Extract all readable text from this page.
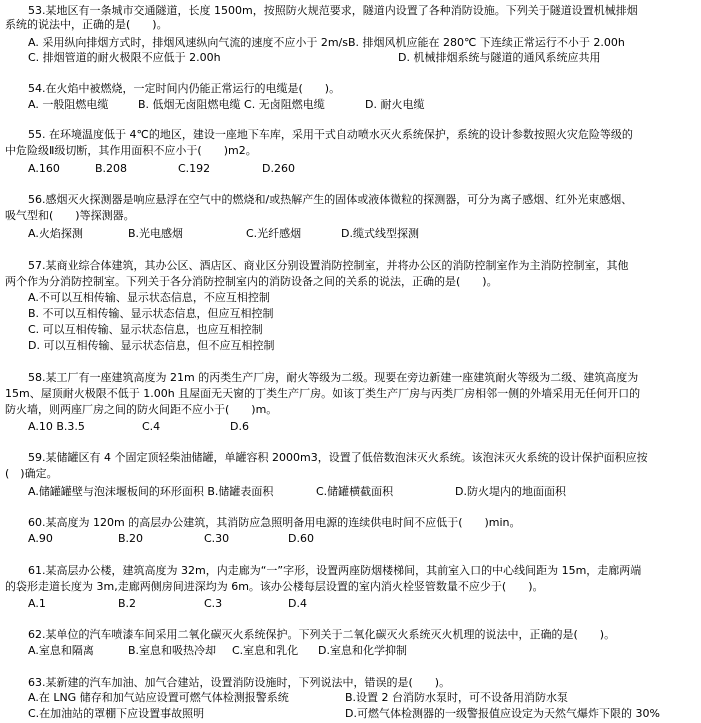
53.某地区有一条城市交通隧道，长度 1500m，按照防火规范要求，隧道内设置了各种消防设施。下列关于隧道设置机械排烟
系统的说法中，正确的是(　　)。
A. 采用纵向排烟方式时，排烟风速纵向气流的速度不应小于 2m/sB. 排烟风机应能在 280℃ 下连续正常运行不小于 2.00h
C. 排烟管道的耐火极限不应低于 2.00h	D. 机械排烟系统与隧道的通风系统应共用
54.在火焰中被燃烧，一定时间内仍能正常运行的电缆是(　　)。
A. 一般阻燃电缆	B. 低烟无卤阻燃电缆 C. 无卤阻燃电缆	D. 耐火电缆
55. 在环境温度低于 4℃的地区，建设一座地下车库，采用干式自动喷水灭火系统保护，系统的设计参数按照火灾危险等级的
中危险级Ⅱ级切断，其作用面积不应小于(　　)m2。
A.160	B.208	C.192	D.260
56.感烟灭火探测器是响应悬浮在空气中的燃烧和/或热解产生的固体或液体微粒的探测器，可分为离子感烟、红外光束感烟、
吸气型和(　　)等探测器。
A.火焰探测	B.光电感烟	C.光纤感烟	D.缆式线型探测
57.某商业综合体建筑，其办公区、酒店区、商业区分别设置消防控制室，并将办公区的消防控制室作为主消防控制室，其他
两个作为分消防控制室。下列关于各分消防控制室内的消防设备之间的关系的说法，正确的是(　　)。
A.不可以互相传输、显示状态信息，不应互相控制
B. 不可以互相传输、显示状态信息，但应互相控制
C. 可以互相传输、显示状态信息，也应互相控制
D. 可以互相传输、显示状态信息，但不应互相控制
58.某工厂有一座建筑高度为 21m 的丙类生产厂房，耐火等级为二级。现要在旁边新建一座建筑耐火等级为二级、建筑高度为
15m、屋顶耐火极限不低于 1.00h 且屋面无天窗的丁类生产厂房。如该丁类生产厂房与丙类厂房相邻一侧的外墙采用无任何开口的
防火墙，则两座厂房之间的防火间距不应小于(　　)m。
A.10 B.3.5	C.4	D.6
59.某储罐区有 4 个固定顶轻柴油储罐，单罐容积 2000m3，设置了低倍数泡沫灭火系统。该泡沫灭火系统的设计保护面积应按
(　)确定。
A.储罐罐壁与泡沫堰板间的环形面积 B.储罐表面积	C.储罐横截面积	D.防火堤内的地面面积
60.某高度为 120m 的高层办公建筑，其消防应急照明备用电源的连续供电时间不应低于(　　)min。
A.90	B.20	C.30	D.60
61.某高层办公楼，建筑高度为 32m，内走廊为“一”字形，设置两座防烟楼梯间，其前室入口的中心线间距为 15m，走廊两端
的袋形走道长度为 3m,走廊两侧房间进深均为 6m。该办公楼每层设置的室内消火栓竖管数量不应少于(　　)。
A.1	B.2	C.3	D.4
62.某单位的汽车喷漆车间采用二氧化碳灭火系统保护。下列关于二氧化碳灭火系统灭火机理的说法中，正确的是(　　)。
A.室息和隔离	B.室息和吸热冷却 C.室息和乳化 D.室息和化学抑制
63.某新建的汽车加油、加气合建站，设置消防设施时，下列说法中，错误的是(　　)。
A.在 LNG 储存和加气站应设置可燃气体检测报警系统	B.设置 2 台消防水泵时，可不设备用消防水泵
C.在加油站的罩棚下应设置事故照明	D.可燃气体检测器的一级警报值应设定为天然气爆炸下限的 30%
